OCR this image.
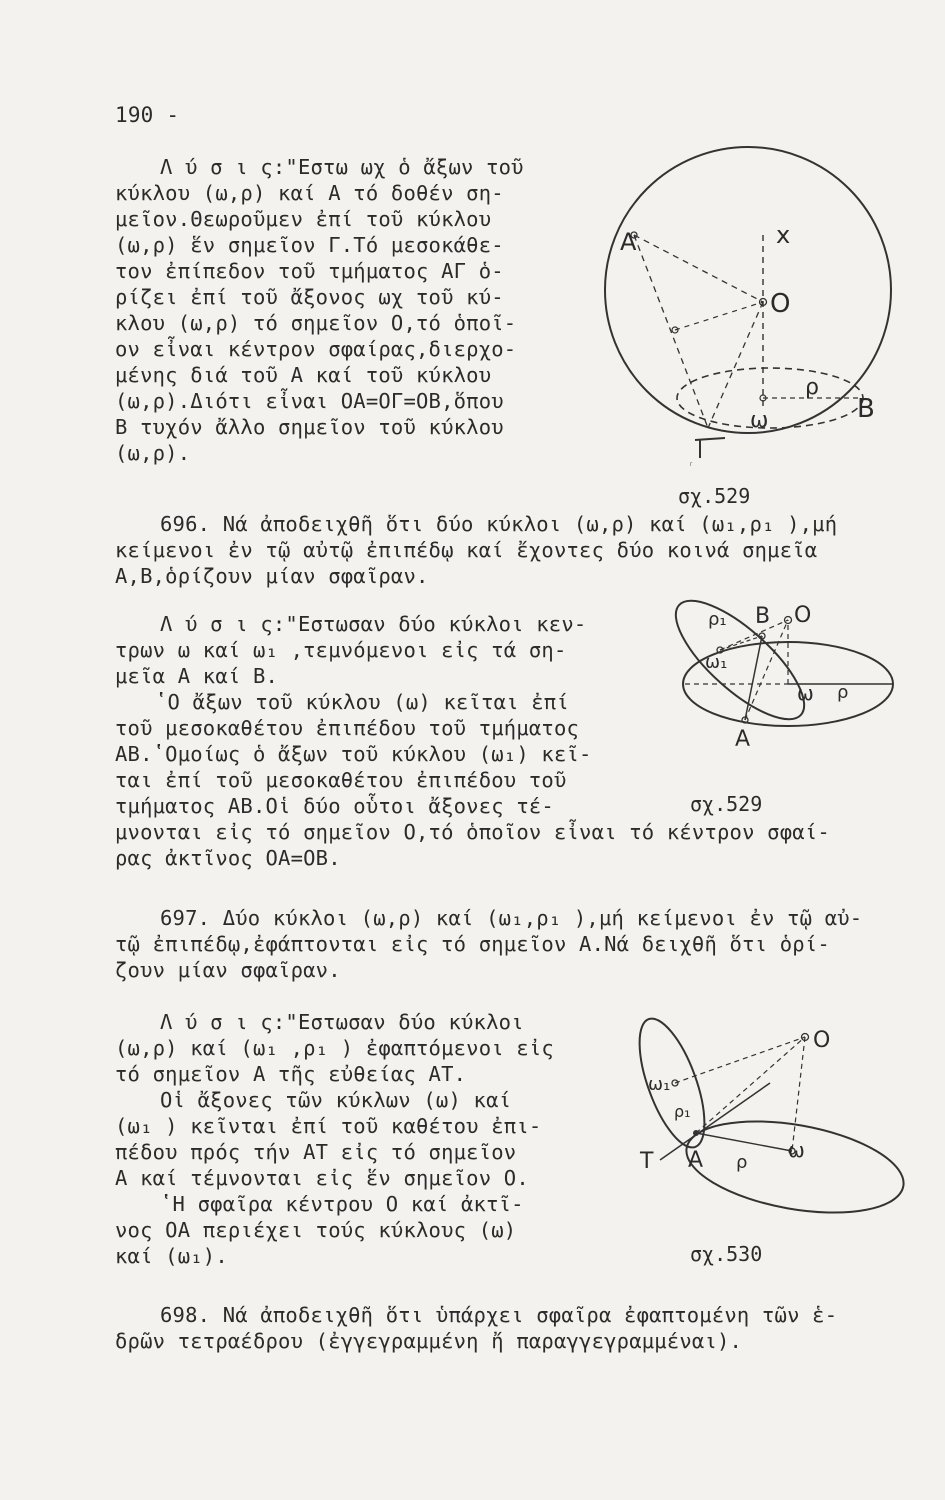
190 -
Λ ύ σ ι ς:"Εστω ωχ ὁ ἄξων τοῦ
κύκλου (ω,ρ) καί Α τό δοθέν ση-
μεῖον.Θεωροῦμεν ἐπί τοῦ κύκλου
(ω,ρ) ἕν σημεῖον Γ.Τό μεσοκάθε-
τον ἐπίπεδον τοῦ τμήματος ΑΓ ὁ-
ρίζει ἐπί τοῦ ἄξονος ωχ τοῦ κύ-
κλου (ω,ρ) τό σημεῖον Ο,τό ὁποῖ-
ον εἶναι κέντρον σφαίρας,διερχο-
μένης διά τοῦ Α καί τοῦ κύκλου
(ω,ρ).Διότι εἶναι ΟΑ=ΟΓ=ΟΒ,ὅπου
Β τυχόν ἄλλο σημεῖον τοῦ κύκλου
(ω,ρ).
Α	x
O
ρ
Β
ω
Γ
σχ.529
696. Νά ἀποδειχθῆ ὅτι δύο κύκλοι (ω,ρ) καί (ω₁,ρ₁ ),μή
κείμενοι ἐν τῷ αὐτῷ ἐπιπέδῳ καί ἔχοντες δύο κοινά σημεῖα
Α,Β,ὁρίζουν μίαν σφαῖραν.
Λ ύ σ ι ς:"Εστωσαν δύο κύκλοι κεν-
τρων ω καί ω₁ ,τεμνόμενοι εἰς τά ση-
μεῖα Α καί Β.
ʽΟ ἄξων τοῦ κύκλου (ω) κεῖται ἐπί
τοῦ μεσοκαθέτου ἐπιπέδου τοῦ τμήματος
ΑΒ.ʽΟμοίως ὁ ἄξων τοῦ κύκλου (ω₁) κεῖ-
ται ἐπί τοῦ μεσοκαθέτου ἐπιπέδου τοῦ
τμήματος ΑΒ.Οἱ δύο οὗτοι ἄξονες τέ-
μνονται εἰς τό σημεῖον Ο,τό ὁποῖον εἶναι τό κέντρον σφαί-
ρας ἀκτῖνος ΟΑ=ΟΒ.
ρ₁ Β O
ω₁
ω ρ
Α
σχ.529
697. Δύο κύκλοι (ω,ρ) καί (ω₁,ρ₁ ),μή κείμενοι ἐν τῷ αὐ-
τῷ ἐπιπέδῳ,ἐφάπτονται εἰς τό σημεῖον Α.Νά δειχθῆ ὅτι ὁρί-
ζουν μίαν σφαῖραν.
Λ ύ σ ι ς:"Εστωσαν δύο κύκλοι
(ω,ρ) καί (ω₁ ,ρ₁ ) ἐφαπτόμενοι εἰς
τό σημεῖον Α τῆς εὐθείας ΑΤ.
Οἱ ἄξονες τῶν κύκλων (ω) καί
(ω₁ ) κεῖνται ἐπί τοῦ καθέτου ἐπι-
πέδου πρός τήν ΑΤ εἰς τό σημεῖον
Α καί τέμνονται εἰς ἕν σημεῖον Ο.
ʽΗ σφαῖρα κέντρου Ο καί ἀκτῖ-
νος ΟΑ περιέχει τούς κύκλους (ω)
καί (ω₁).
O
ω₁
ρ₁
T Α ρ
ω
σχ.530
698. Νά ἀποδειχθῆ ὅτι ὑπάρχει σφαῖρα ἐφαπτομένη τῶν ἑ-
δρῶν τετραέδρου (ἐγγεγραμμένη ἤ παραγγεγραμμέναι).
